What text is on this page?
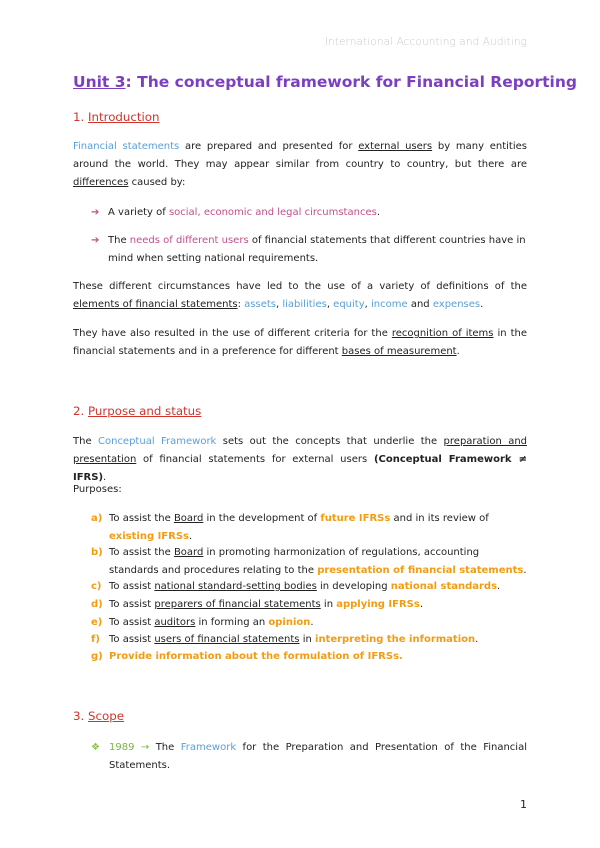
International Accounting and Auditing
Unit 3: The conceptual framework for Financial Reporting
1. Introduction
Financial statements are prepared and presented for external users by many entities around the world. They may appear similar from country to country, but there are differences caused by:
➔ A variety of social, economic and legal circumstances.
➔ The needs of different users of financial statements that different countries have in mind when setting national requirements.
These different circumstances have led to the use of a variety of definitions of the elements of financial statements: assets, liabilities, equity, income and expenses.
They have also resulted in the use of different criteria for the recognition of items in the financial statements and in a preference for different bases of measurement.
2. Purpose and status
The Conceptual Framework sets out the concepts that underlie the preparation and presentation of financial statements for external users (Conceptual Framework ≠ IFRS).
Purposes:
a) To assist the Board in the development of future IFRSs and in its review of existing IFRSs.
b) To assist the Board in promoting harmonization of regulations, accounting standards and procedures relating to the presentation of financial statements.
c) To assist national standard-setting bodies in developing national standards.
d) To assist preparers of financial statements in applying IFRSs.
e) To assist auditors in forming an opinion.
f) To assist users of financial statements in interpreting the information.
g) Provide information about the formulation of IFRSs.
3. Scope
❖ 1989 → The Framework for the Preparation and Presentation of the Financial Statements.
1
